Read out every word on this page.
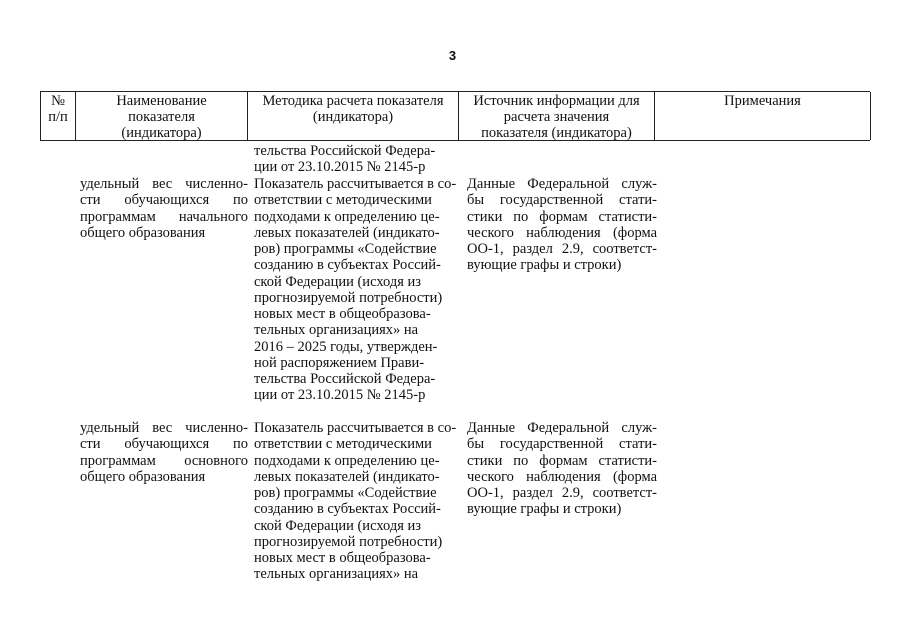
3
№
п/п
Наименование
показателя
(индикатора)
Методика расчета показателя
(индикатора)
Источник информации для
расчета значения
показателя (индикатора)
Примечания
тельства Российской Федера-
ции от 23.10.2015 № 2145-р
удельный вес численно-
сти обучающихся по
программам начального
общего образования
Показатель рассчитывается в со-
ответствии с методическими
подходами к определению це-
левых показателей (индикато-
ров) программы «Содействие
созданию в субъектах Россий-
ской Федерации (исходя из
прогнозируемой потребности)
новых мест в общеобразова-
тельных организациях» на
2016 – 2025 годы, утвержден-
ной распоряжением Прави-
тельства Российской Федера-
ции от 23.10.2015 № 2145-р
Данные Федеральной служ-
бы государственной стати-
стики по формам статисти-
ческого наблюдения (форма
ОО-1, раздел 2.9, соответст-
вующие графы и строки)
удельный вес численно-
сти обучающихся по
программам основного
общего образования
Показатель рассчитывается в со-
ответствии с методическими
подходами к определению це-
левых показателей (индикато-
ров) программы «Содействие
созданию в субъектах Россий-
ской Федерации (исходя из
прогнозируемой потребности)
новых мест в общеобразова-
тельных организациях» на
Данные Федеральной служ-
бы государственной стати-
стики по формам статисти-
ческого наблюдения (форма
ОО-1, раздел 2.9, соответст-
вующие графы и строки)
